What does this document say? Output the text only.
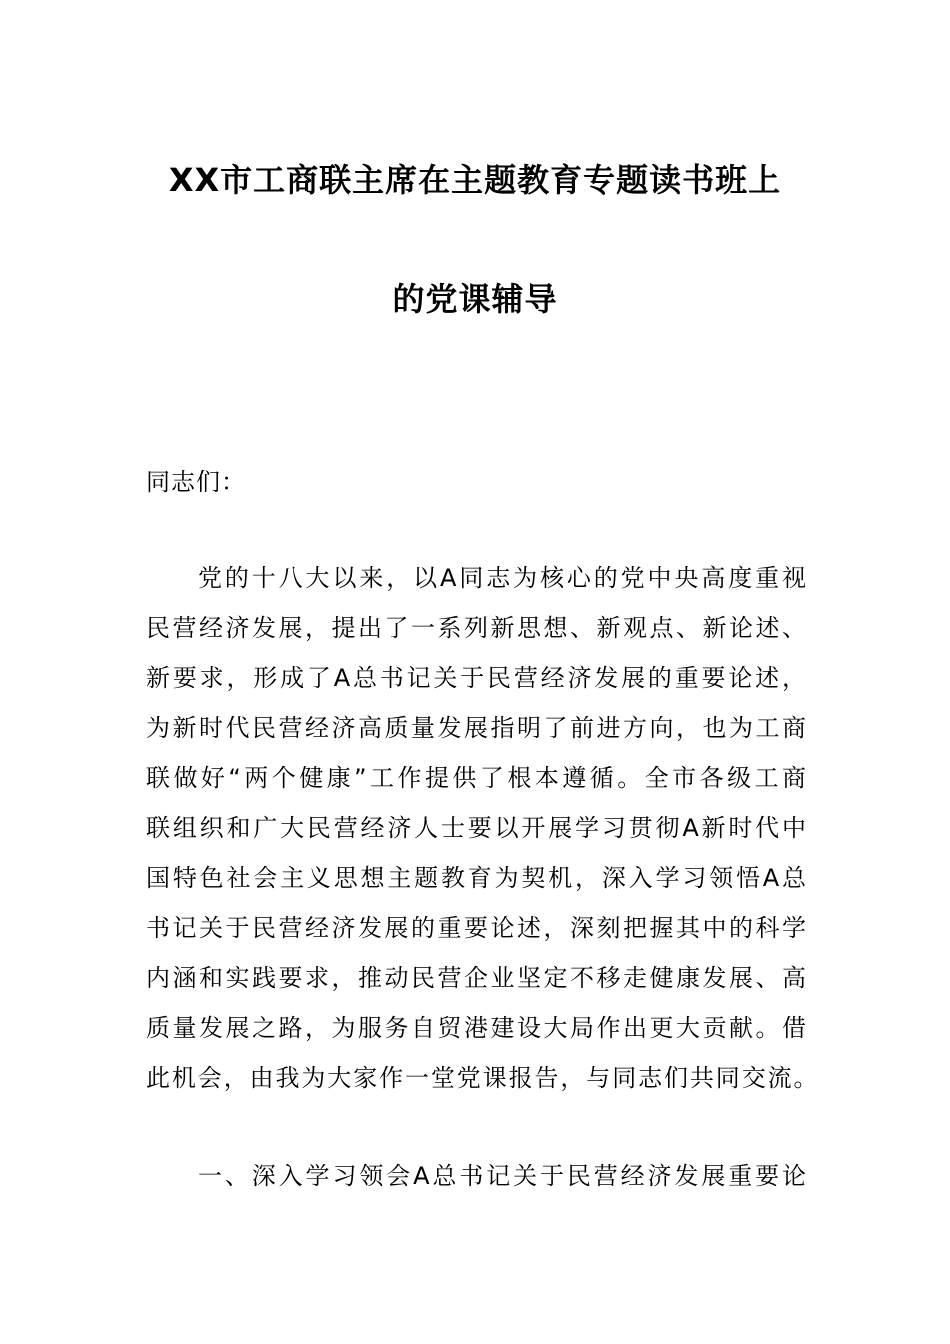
XX市工商联主席在主题教育专题读书班上
的党课辅导
同志们：
党的十八大以来，以A同志为核心的党中央高度重视
民营经济发展，提出了一系列新思想、新观点、新论述、
新要求，形成了A总书记关于民营经济发展的重要论述，
为新时代民营经济高质量发展指明了前进方向，也为工商
联做好“两个健康”工作提供了根本遵循。全市各级工商
联组织和广大民营经济人士要以开展学习贯彻A新时代中
国特色社会主义思想主题教育为契机，深入学习领悟A总
书记关于民营经济发展的重要论述，深刻把握其中的科学
内涵和实践要求，推动民营企业坚定不移走健康发展、高
质量发展之路，为服务自贸港建设大局作出更大贡献。借
此机会，由我为大家作一堂党课报告，与同志们共同交流。
一、深入学习领会A总书记关于民营经济发展重要论
